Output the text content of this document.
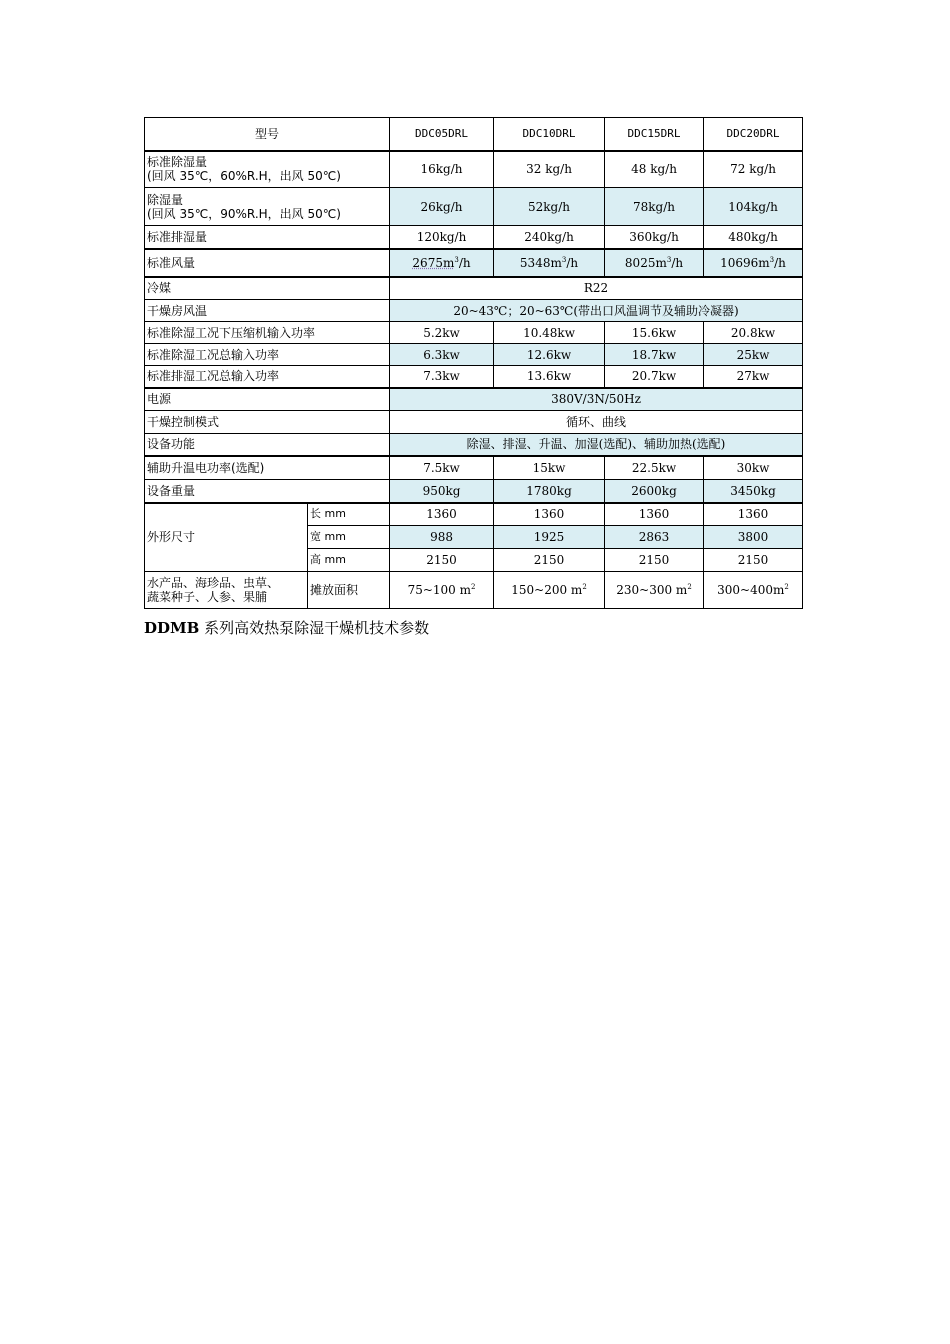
型号		DDC05DRL	DDC10DRL	DDC15DRL	DDC20DRL

标准除湿量
(回风 35℃，60%R.H，出风 50℃)		16kg/h	32 kg/h	48 kg/h	72 kg/h

除湿量
(回风 35℃，90%R.H，出风 50℃)		26kg/h	52kg/h	78kg/h	104kg/h
标准排湿量		120kg/h	240kg/h	360kg/h	480kg/h
标准风量		$2675m^3/h$	$5348m^3/h$	$8025m^3/h$	$10696m^3/h$
冷媒		R22			
干燥房风温		20~43℃；20~63℃(带出口风温调节及辅助冷凝器)			
标准除湿工况下压缩机输入功率		5.2kw	10.48kw	15.6kw	20.8kw
标准除湿工况总输入功率		6.3kw	12.6kw	18.7kw	25kw
标准排湿工况总输入功率		7.3kw	13.6kw	20.7kw	27kw
电源		380V/3N/50Hz			
干燥控制模式		循环、曲线			
设备功能		除湿、排湿、升温、加湿(选配)、辅助加热(选配)			
辅助升温电功率(选配)		7.5kw	15kw	22.5kw	30kw
设备重量		950kg	1780kg	2600kg	3450kg
外形尺寸	长 mm	1360	1360	1360	1360
	宽 mm	988	1925	2863	3800
	高 mm	2150	2150	2150	2150

水产品、海珍品、虫草、
蔬菜种子、人参、果脯	摊放面积	75~100 $m^2$	150~200 $m^2$	230~300 $m^2$	$300\sim 400m^2$
DDMB 系列高效热泵除湿干燥机技术参数
